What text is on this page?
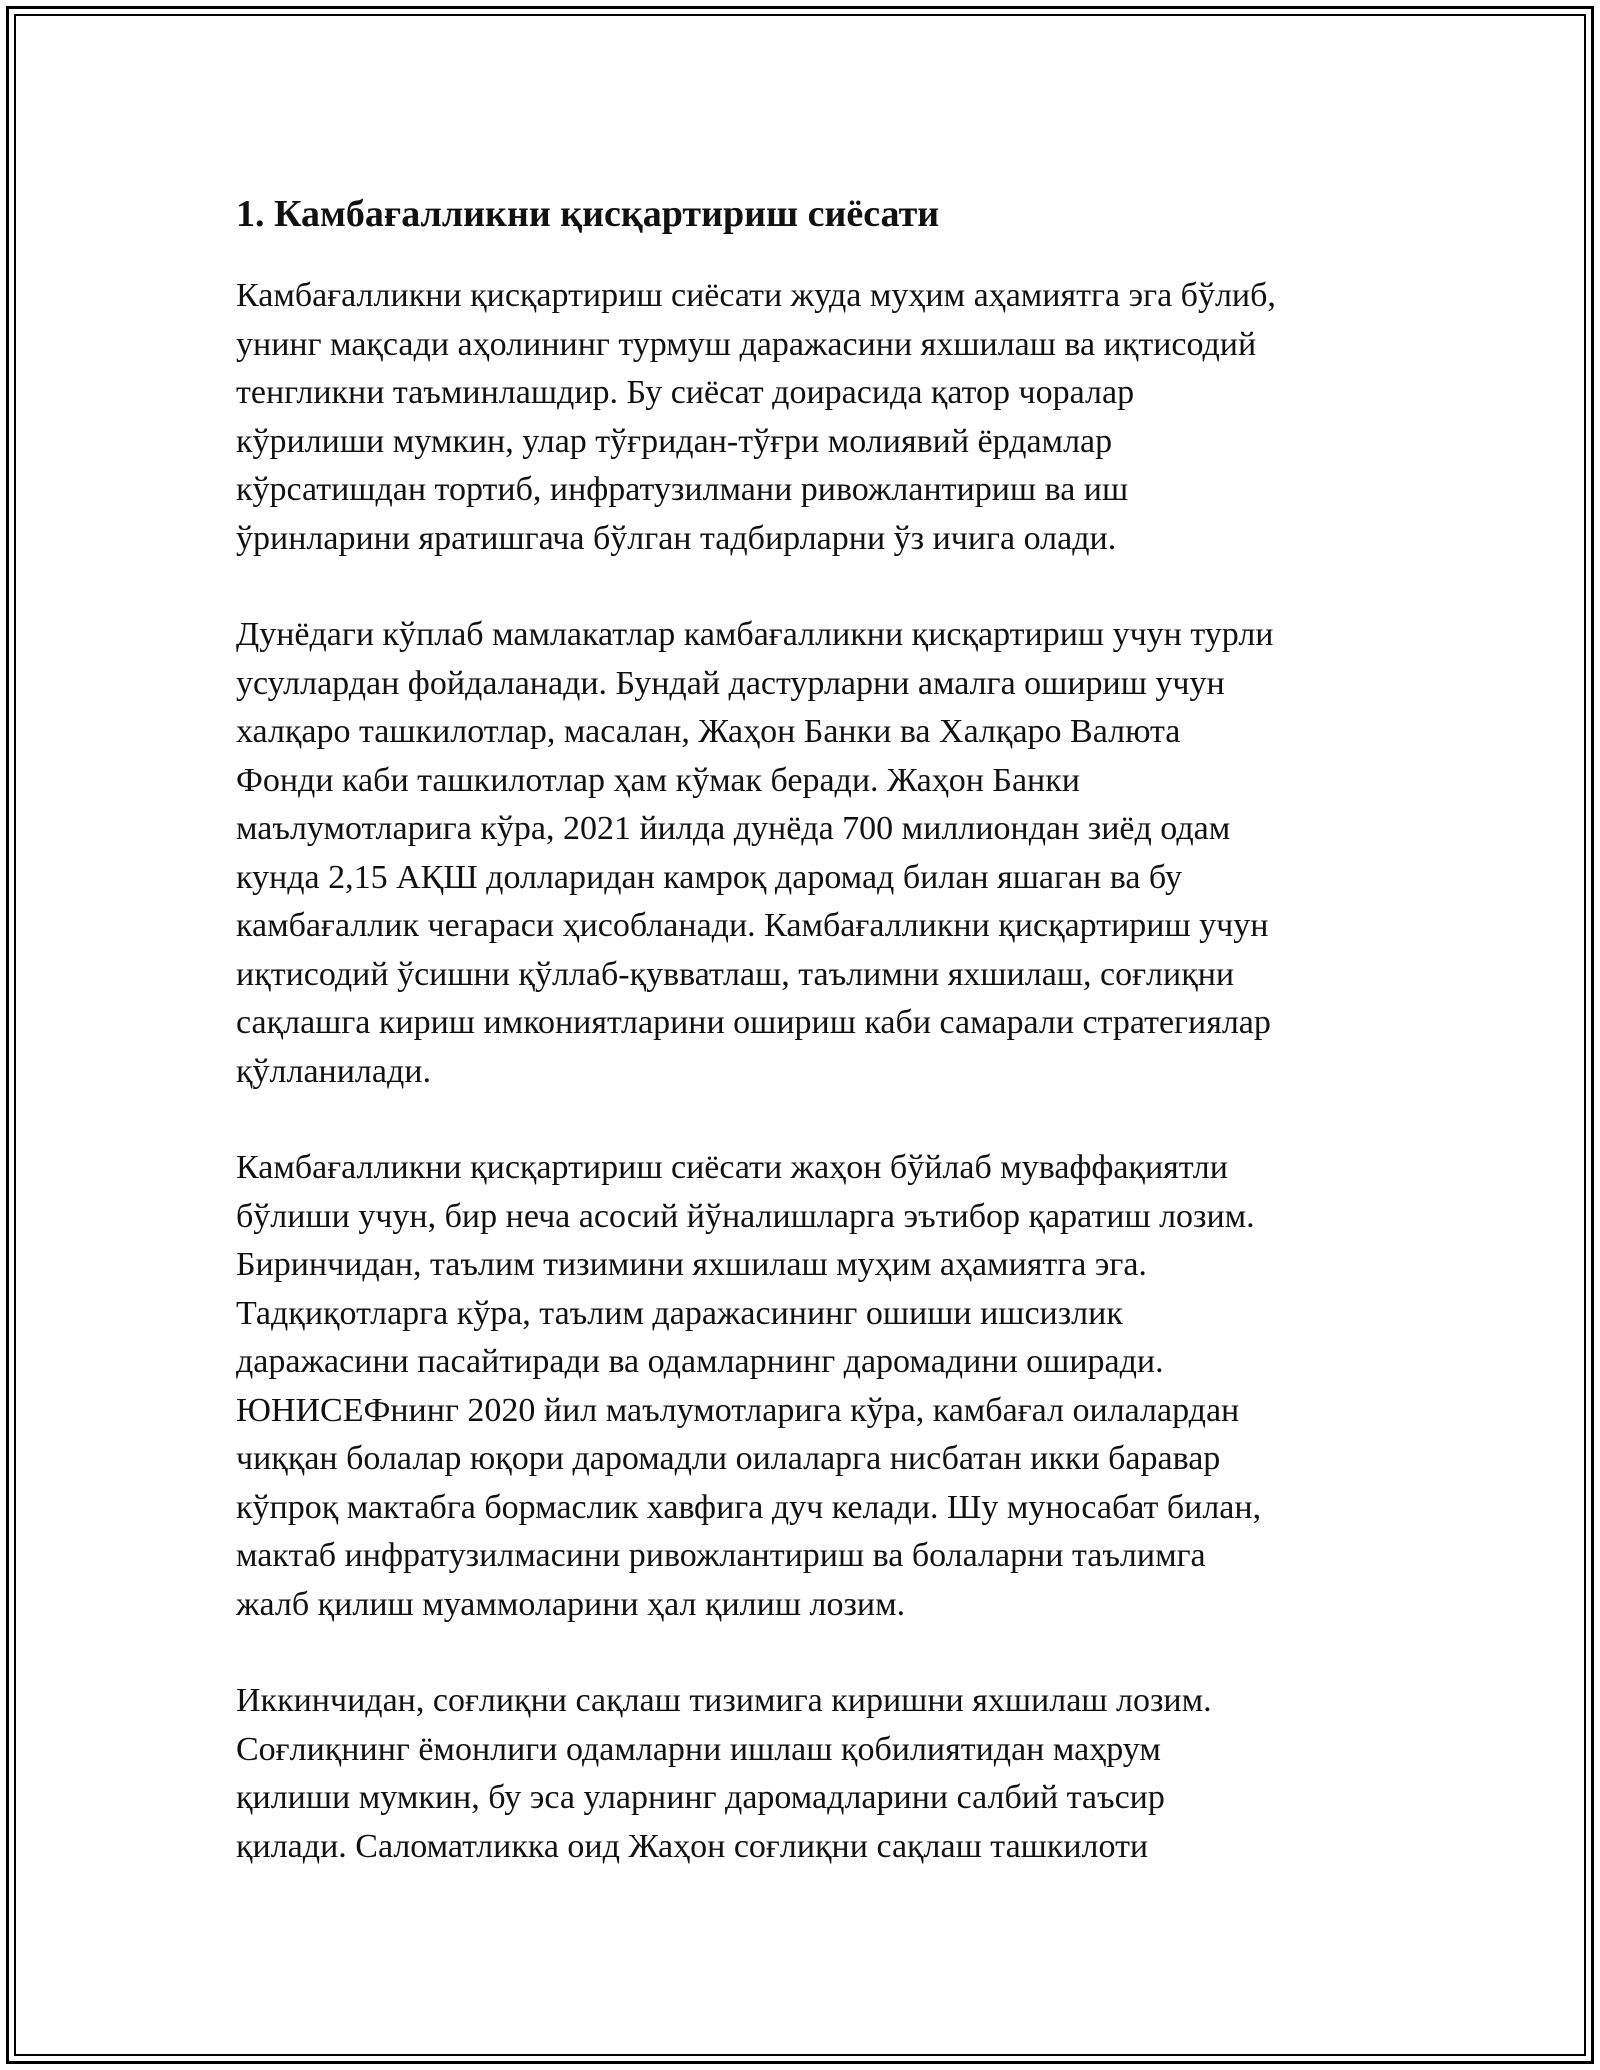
1. Камбағалликни қисқартириш сиёсати

Камбағалликни қисқартириш сиёсати жуда муҳим аҳамиятга эга бўлиб,
унинг мақсади аҳолининг турмуш даражасини яхшилаш ва иқтисодий
тенгликни таъминлашдир. Бу сиёсат доирасида қатор чоралар
кўрилиши мумкин, улар тўғридан-тўғри молиявий ёрдамлар
кўрсатишдан тортиб, инфратузилмани ривожлантириш ва иш
ўринларини яратишгача бўлган тадбирларни ўз ичига олади.

Дунёдаги кўплаб мамлакатлар камбағалликни қисқартириш учун турли
усуллардан фойдаланади. Бундай дастурларни амалга ошириш учун
халқаро ташкилотлар, масалан, Жаҳон Банки ва Халқаро Валюта
Фонди каби ташкилотлар ҳам кўмак беради. Жаҳон Банки
маълумотларига кўра, 2021 йилда дунёда 700 миллиондан зиёд одам
кунда 2,15 АҚШ долларидан камроқ даромад билан яшаган ва бу
камбағаллик чегараси ҳисобланади. Камбағалликни қисқартириш учун
иқтисодий ўсишни қўллаб-қувватлаш, таълимни яхшилаш, соғлиқни
сақлашга кириш имкониятларини ошириш каби самарали стратегиялар
қўлланилади.

Камбағалликни қисқартириш сиёсати жаҳон бўйлаб муваффақиятли
бўлиши учун, бир неча асосий йўналишларга эътибор қаратиш лозим.
Биринчидан, таълим тизимини яхшилаш муҳим аҳамиятга эга.
Тадқиқотларга кўра, таълим даражасининг ошиши ишсизлик
даражасини пасайтиради ва одамларнинг даромадини оширади.
ЮНИСЕФнинг 2020 йил маълумотларига кўра, камбағал оилалардан
чиққан болалар юқори даромадли оилаларга нисбатан икки баравар
кўпроқ мактабга бормаслик хавфига дуч келади. Шу муносабат билан,
мактаб инфратузилмасини ривожлантириш ва болаларни таълимга
жалб қилиш муаммоларини ҳал қилиш лозим.

Иккинчидан, соғлиқни сақлаш тизимига киришни яхшилаш лозим.
Соғлиқнинг ёмонлиги одамларни ишлаш қобилиятидан маҳрум
қилиши мумкин, бу эса уларнинг даромадларини салбий таъсир
қилади. Саломатликка оид Жаҳон соғлиқни сақлаш ташкилоти
